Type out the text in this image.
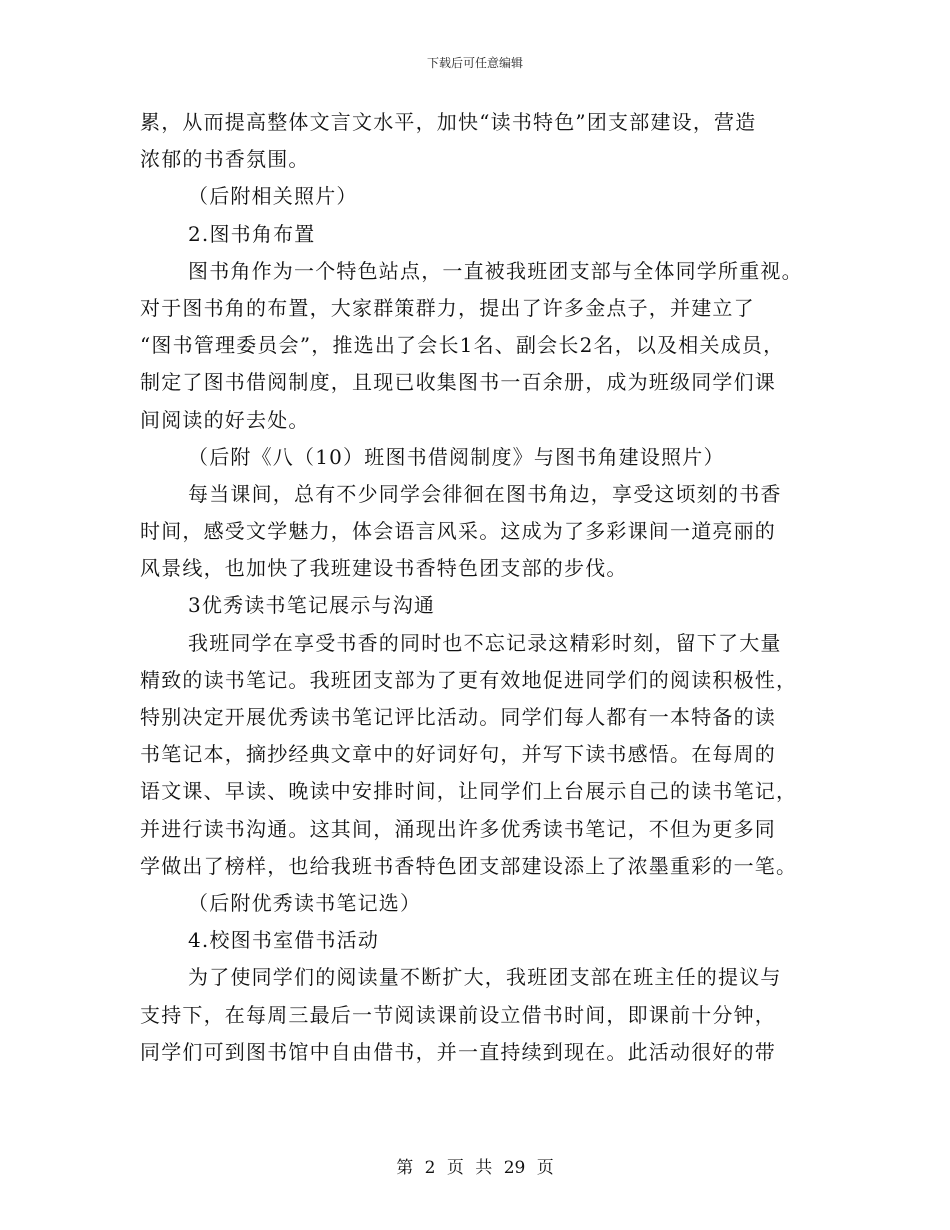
下载后可任意编辑
累，从而提高整体文言文水平，加快“读书特色”团支部建设，营造
浓郁的书香氛围。
（后附相关照片）
2.图书角布置
图书角作为一个特色站点，一直被我班团支部与全体同学所重视。
对于图书角的布置，大家群策群力，提出了许多金点子，并建立了
“图书管理委员会”，推选出了会长1名、副会长2名，以及相关成员，
制定了图书借阅制度，且现已收集图书一百余册，成为班级同学们课
间阅读的好去处。
（后附《八（10）班图书借阅制度》与图书角建设照片）
每当课间，总有不少同学会徘徊在图书角边，享受这顷刻的书香
时间，感受文学魅力，体会语言风采。这成为了多彩课间一道亮丽的
风景线，也加快了我班建设书香特色团支部的步伐。
3优秀读书笔记展示与沟通
我班同学在享受书香的同时也不忘记录这精彩时刻，留下了大量
精致的读书笔记。我班团支部为了更有效地促进同学们的阅读积极性，
特别决定开展优秀读书笔记评比活动。同学们每人都有一本特备的读
书笔记本，摘抄经典文章中的好词好句，并写下读书感悟。在每周的
语文课、早读、晚读中安排时间，让同学们上台展示自己的读书笔记，
并进行读书沟通。这其间，涌现出许多优秀读书笔记，不但为更多同
学做出了榜样，也给我班书香特色团支部建设添上了浓墨重彩的一笔。
（后附优秀读书笔记选）
4.校图书室借书活动
为了使同学们的阅读量不断扩大，我班团支部在班主任的提议与
支持下，在每周三最后一节阅读课前设立借书时间，即课前十分钟，
同学们可到图书馆中自由借书，并一直持续到现在。此活动很好的带
第 2 页 共 29 页
